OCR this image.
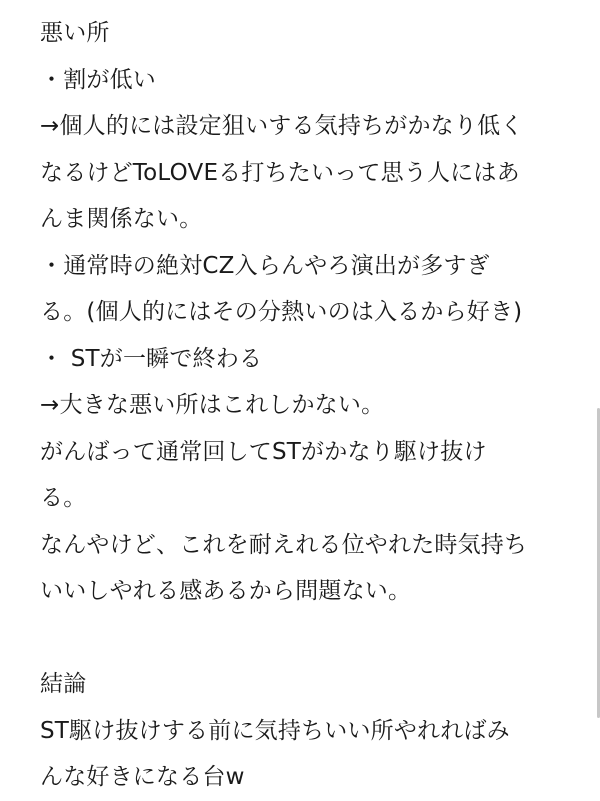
悪い所
・割が低い
→個人的には設定狙いする気持ちがかなり低く
なるけどToLOVEる打ちたいって思う人にはあ
んま関係ない。
・通常時の絶対CZ入らんやろ演出が多すぎ
る。(個人的にはその分熱いのは入るから好き)
・ STが一瞬で終わる
→大きな悪い所はこれしかない。
がんばって通常回してSTがかなり駆け抜け
る。
なんやけど、これを耐えれる位やれた時気持ち
いいしやれる感あるから問題ない。
結論
ST駆け抜けする前に気持ちいい所やれればみ
んな好きになる台w
